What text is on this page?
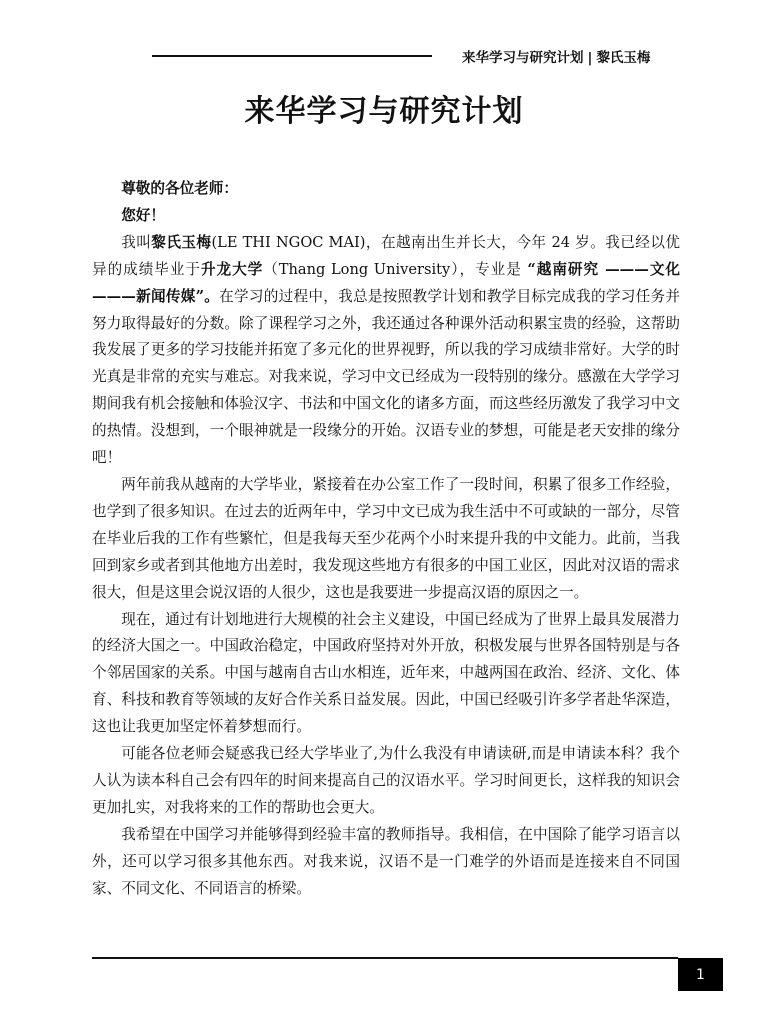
来华学习与研究计划 | 黎氏玉梅
来华学习与研究计划

尊敬的各位老师：

您好！

我叫黎氏玉梅(LE THI NGOC MAI)，在越南出生并长大，今年 24 岁。我已经以优异的成绩毕业于升龙大学（Thang Long University），专业是 “越南研究 ———文化 ———新闻传媒”。在学习的过程中，我总是按照教学计划和教学目标完成我的学习任务并努力取得最好的分数。除了课程学习之外，我还通过各种课外活动积累宝贵的经验，这帮助我发展了更多的学习技能并拓宽了多元化的世界视野，所以我的学习成绩非常好。大学的时光真是非常的充实与难忘。对我来说，学习中文已经成为一段特别的缘分。感激在大学学习期间我有机会接触和体验汉字、书法和中国文化的诸多方面，而这些经历激发了我学习中文的热情。没想到，一个眼神就是一段缘分的开始。汉语专业的梦想，可能是老天安排的缘分吧！

两年前我从越南的大学毕业，紧接着在办公室工作了一段时间，积累了很多工作经验，也学到了很多知识。在过去的近两年中，学习中文已成为我生活中不可或缺的一部分，尽管在毕业后我的工作有些繁忙，但是我每天至少花两个小时来提升我的中文能力。此前，当我回到家乡或者到其他地方出差时，我发现这些地方有很多的中国工业区，因此对汉语的需求很大，但是这里会说汉语的人很少，这也是我要进一步提高汉语的原因之一。

现在，通过有计划地进行大规模的社会主义建设，中国已经成为了世界上最具发展潜力的经济大国之一。中国政治稳定，中国政府坚持对外开放，积极发展与世界各国特别是与各个邻居国家的关系。中国与越南自古山水相连，近年来，中越两国在政治、经济、文化、体育、科技和教育等领域的友好合作关系日益发展。因此，中国已经吸引许多学者赴华深造，这也让我更加坚定怀着梦想而行。

可能各位老师会疑惑我已经大学毕业了,为什么我没有申请读研,而是申请读本科？我个人认为读本科自己会有四年的时间来提高自己的汉语水平。学习时间更长，这样我的知识会更加扎实，对我将来的工作的帮助也会更大。

我希望在中国学习并能够得到经验丰富的教师指导。我相信，在中国除了能学习语言以外，还可以学习很多其他东西。对我来说，汉语不是一门难学的外语而是连接来自不同国家、不同文化、不同语言的桥梁。

1
